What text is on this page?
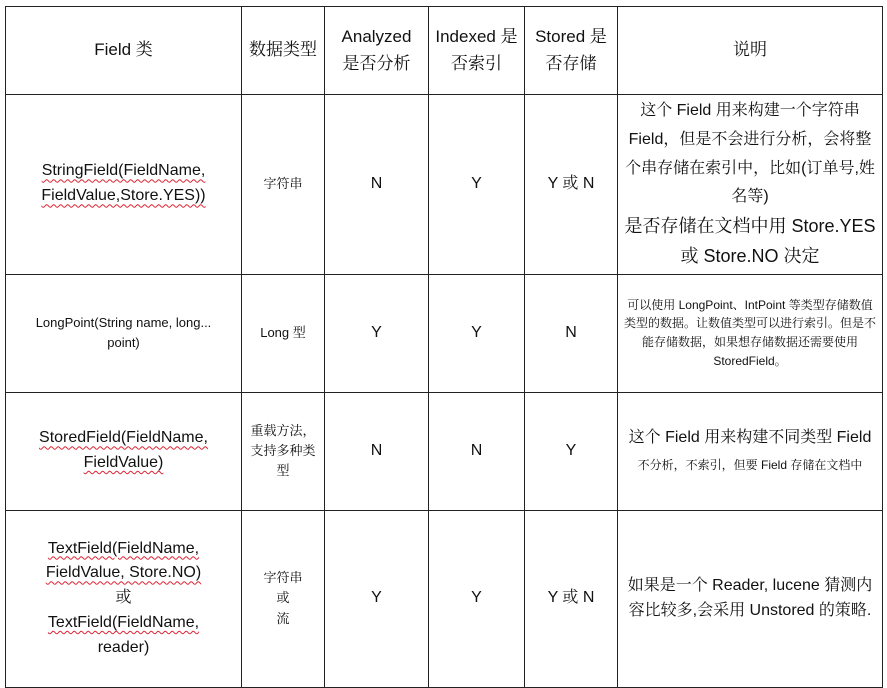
Field 类	数据类型	Analyzed 是否分析	Indexed 是否索引	Stored 是否存储	说明

StringField(FieldName,
FieldValue,Store.YES))	字符串	N	Y	Y 或 N	这个 Field 用来构建一个字符串 Field，但是不会进行分析，会将整个串存储在索引中，比如(订单号,姓名等)
是否存储在文档中用 Store.YES 或 Store.NO 决定

LongPoint(String name, long...
point)	Long 型	Y	Y	N	可以使用 LongPoint、IntPoint 等类型存储数值类型的数据。让数值类型可以进行索引。但是不能存储数据，如果想存储数据还需要使用 StoredField。

StoredField(FieldName,
FieldValue)	重载方法，支持多种类型	N	N	Y	这个 Field 用来构建不同类型 Field
不分析，不索引，但要 Field 存储在文档中

TextField(FieldName,
FieldValue, Store.NO)
或
TextField(FieldName,
reader)	字符串
或
流	Y	Y	Y 或 N	如果是一个 Reader, lucene 猜测内容比较多,会采用 Unstored 的策略.
